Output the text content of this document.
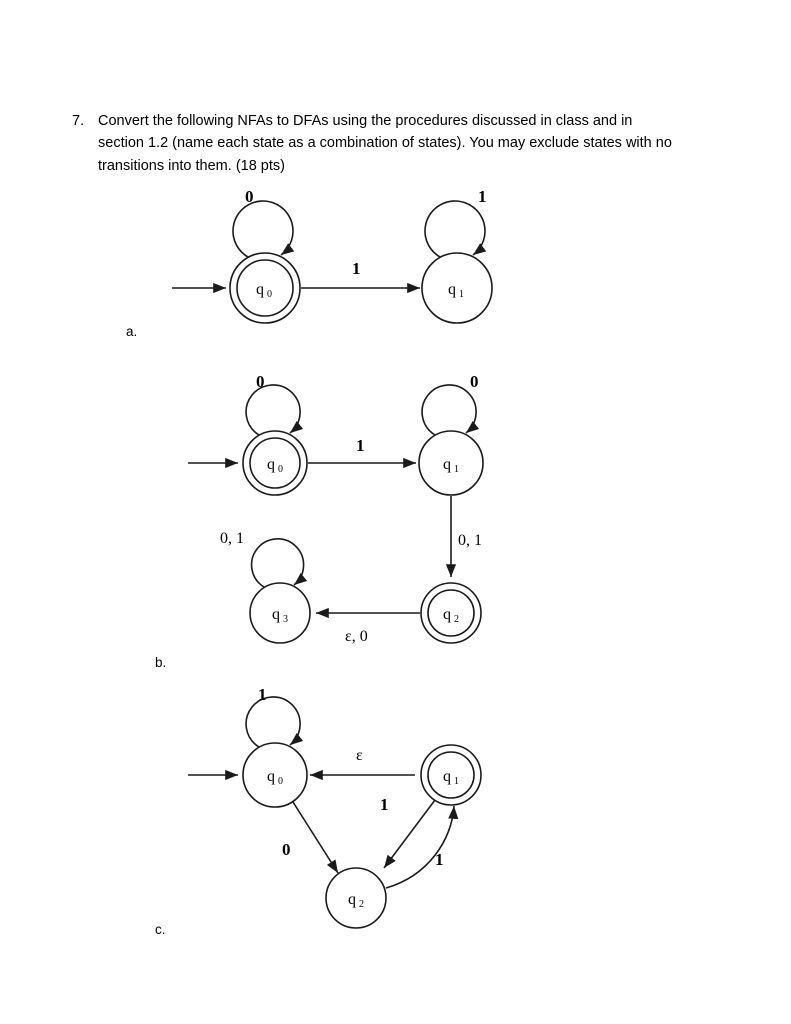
7. Convert the following NFAs to DFAs using the procedures discussed in class and in section 1.2 (name each state as a combination of states). You may exclude states with no transitions into them. (18 pts)
a.
b.
c.
q 0
0
1
q 1
1
q 0
0
1
q 1
0
0, 1
q 2
ε, 0
q 3
0, 1
q 0
1
ε
q 1
0
1
1
q 2
